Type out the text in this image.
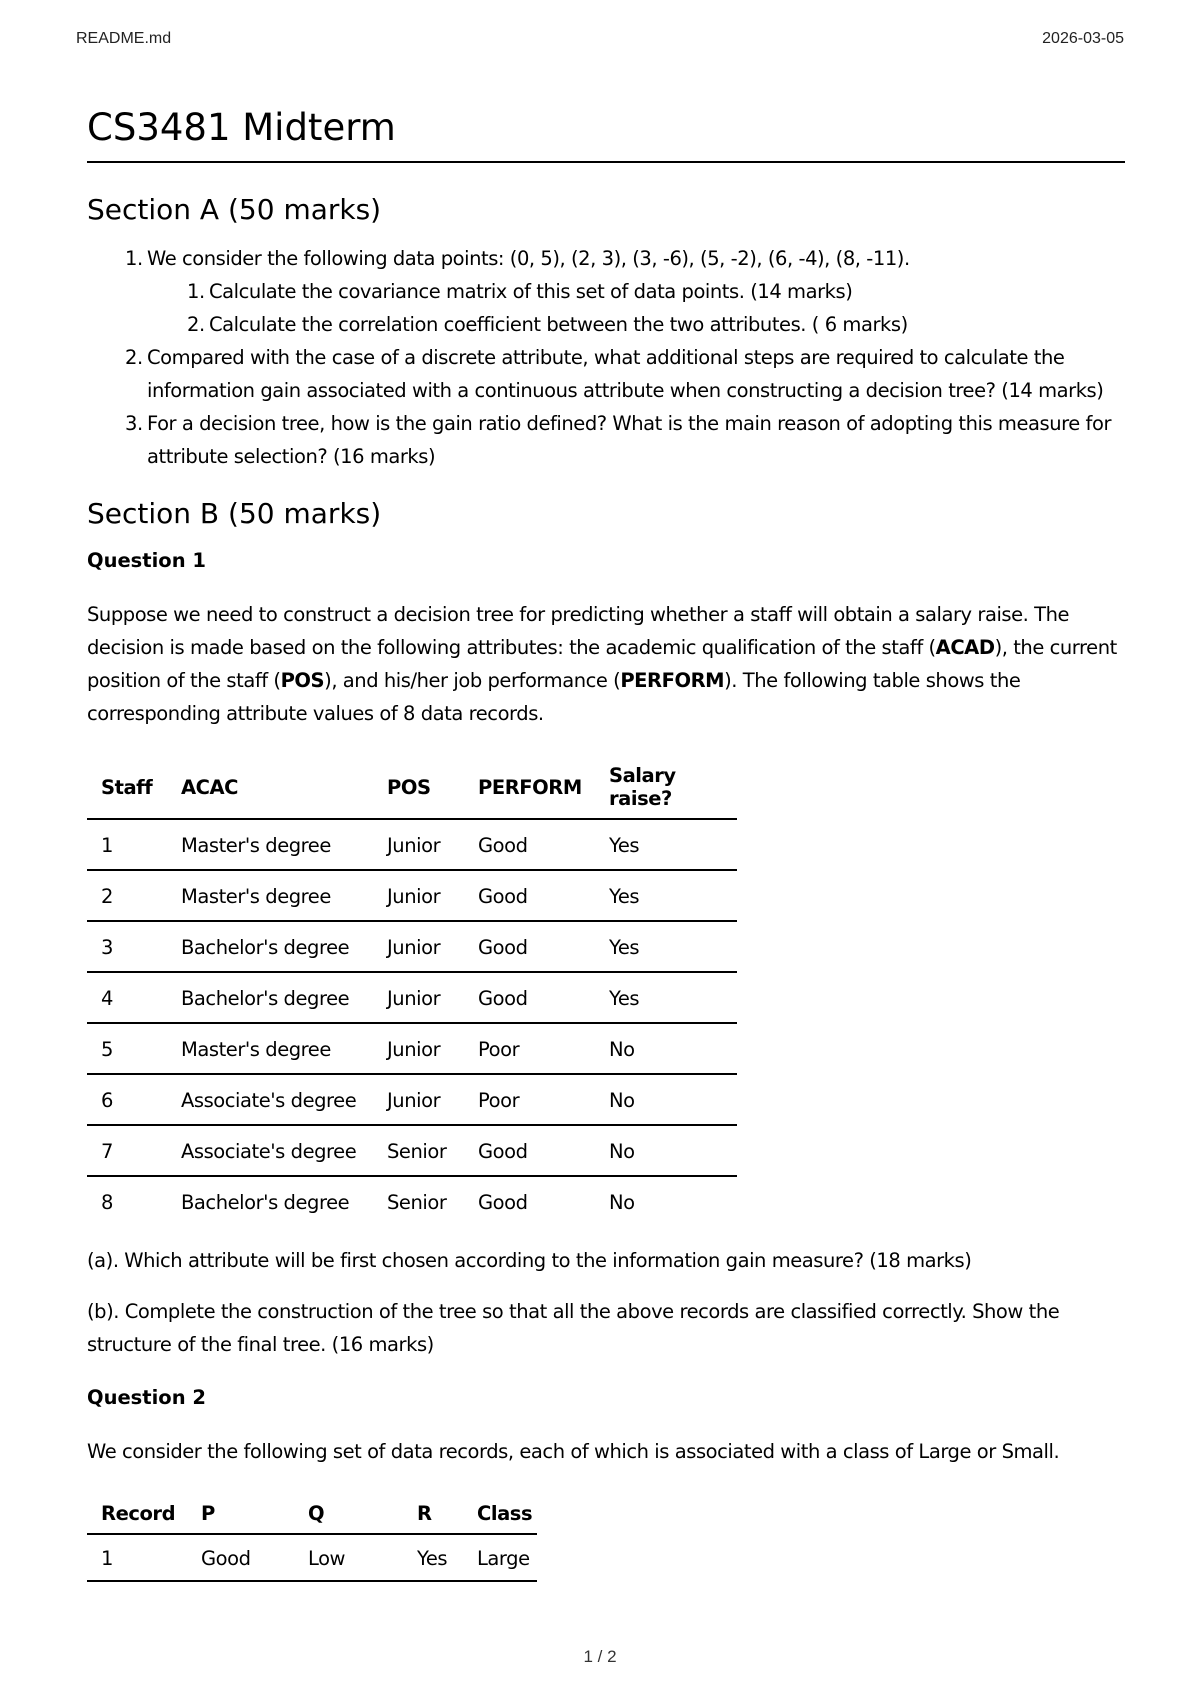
README.md	2026-03-05
CS3481 Midterm
Section A (50 marks)
1. We consider the following data points: (0, 5), (2, 3), (3, -6), (5, -2), (6, -4), (8, -11).
1. Calculate the covariance matrix of this set of data points. (14 marks)
2. Calculate the correlation coefficient between the two attributes. ( 6 marks)
2. Compared with the case of a discrete attribute, what additional steps are required to calculate the information gain associated with a continuous attribute when constructing a decision tree? (14 marks)
3. For a decision tree, how is the gain ratio defined? What is the main reason of adopting this measure for attribute selection? (16 marks)
Section B (50 marks)
Question 1

Suppose we need to construct a decision tree for predicting whether a staff will obtain a salary raise. The decision is made based on the following attributes: the academic qualification of the staff (ACAD), the current position of the staff (POS), and his/her job performance (PERFORM). The following table shows the corresponding attribute values of 8 data records.

Staff	ACAC	POS	PERFORM	Salary raise?
1	Master's degree	Junior	Good	Yes
2	Master's degree	Junior	Good	Yes
3	Bachelor's degree	Junior	Good	Yes
4	Bachelor's degree	Junior	Good	Yes
5	Master's degree	Junior	Poor	No
6	Associate's degree	Junior	Poor	No
7	Associate's degree	Senior	Good	No
8	Bachelor's degree	Senior	Good	No

(a). Which attribute will be first chosen according to the information gain measure? (18 marks)

(b). Complete the construction of the tree so that all the above records are classified correctly. Show the structure of the final tree. (16 marks)

Question 2

We consider the following set of data records, each of which is associated with a class of Large or Small.

Record	P	Q	R	Class
1	Good	Low	Yes	Large
1 / 2
